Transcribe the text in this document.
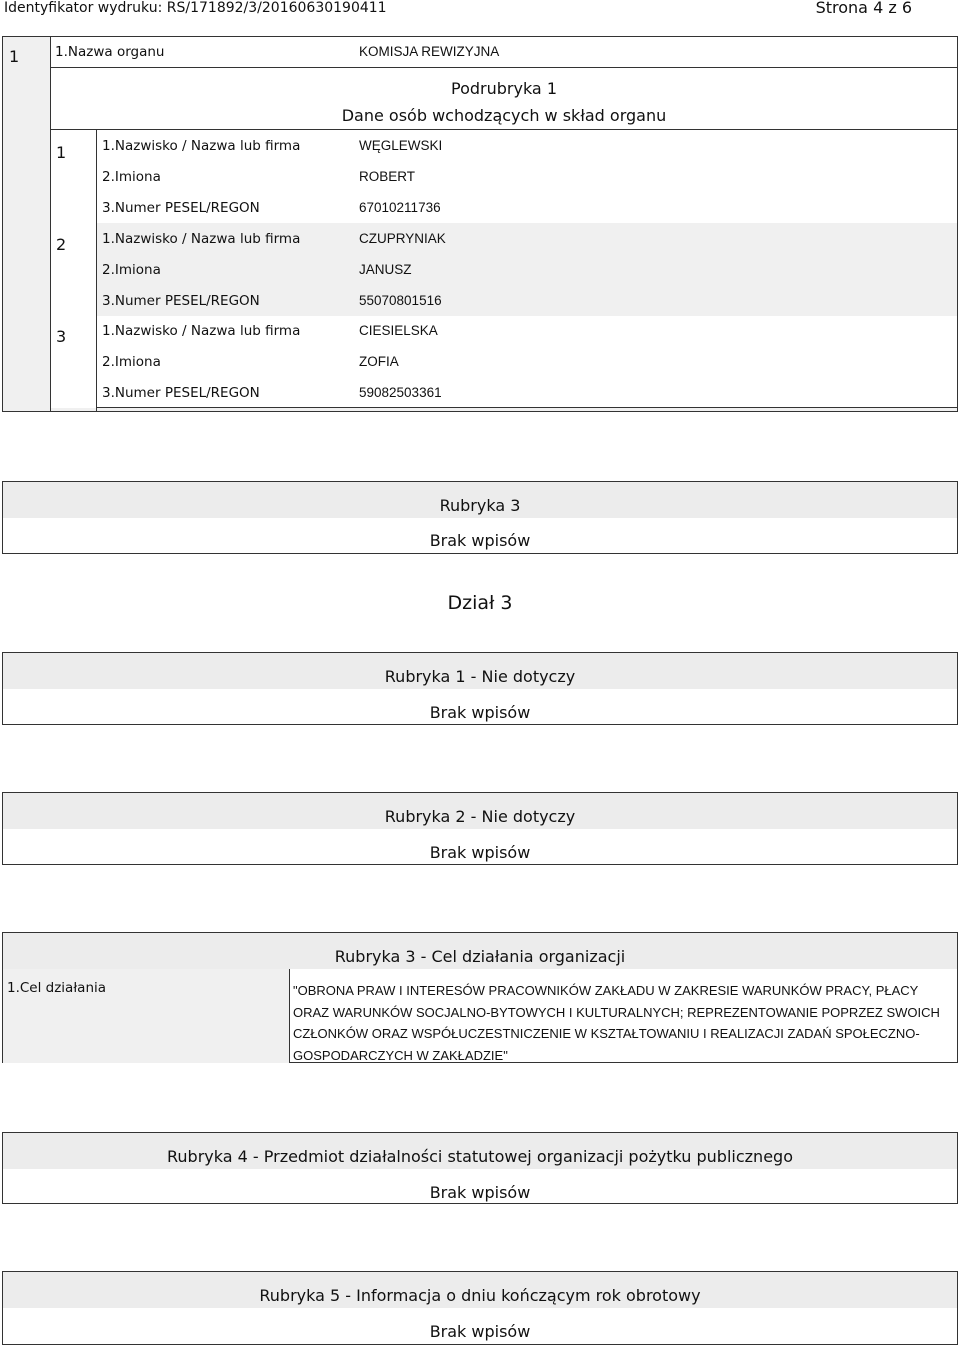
Identyfikator wydruku: RS/171892/3/20160630190411	Strona 4 z 6
1	1.Nazwa organu	KOMISJA REWIZYJNA
Podrubryka 1
Dane osób wchodzących w skład organu
1	1.Nazwisko / Nazwa lub firma	WĘGLEWSKI
2.Imiona	ROBERT
3.Numer PESEL/REGON	67010211736
2	1.Nazwisko / Nazwa lub firma	CZUPRYNIAK
2.Imiona	JANUSZ
3.Numer PESEL/REGON	55070801516
3	1.Nazwisko / Nazwa lub firma	CIESIELSKA
2.Imiona	ZOFIA
3.Numer PESEL/REGON	59082503361
Rubryka 3
Brak wpisów
Dział 3
Rubryka 1 - Nie dotyczy
Brak wpisów
Rubryka 2 - Nie dotyczy
Brak wpisów
Rubryka 3 - Cel działania organizacji
1.Cel działania	"OBRONA PRAW I INTERESÓW PRACOWNIKÓW ZAKŁADU W ZAKRESIE WARUNKÓW PRACY, PŁACY
ORAZ WARUNKÓW SOCJALNO-BYTOWYCH I KULTURALNYCH; REPREZENTOWANIE POPRZEZ SWOICH
CZŁONKÓW ORAZ WSPÓŁUCZESTNICZENIE W KSZTAŁTOWANIU I REALIZACJI ZADAŃ SPOŁECZNO-
GOSPODARCZYCH W ZAKŁADZIE"
Rubryka 4 - Przedmiot działalności statutowej organizacji pożytku publicznego
Brak wpisów
Rubryka 5 - Informacja o dniu kończącym rok obrotowy
Brak wpisów
